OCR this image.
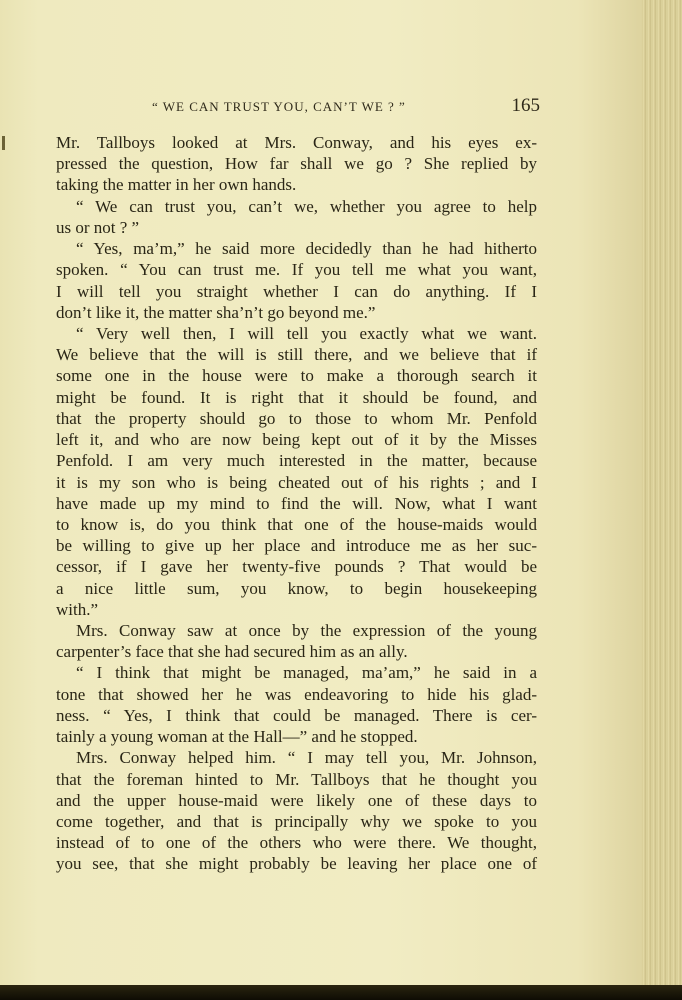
“ WE CAN TRUST YOU, CAN’T WE ? ”	165
Mr. Tallboys looked at Mrs. Conway, and his eyes ex-
pressed the question, How far shall we go ? She replied by
taking the matter in her own hands.
“ We can trust you, can’t we, whether you agree to help
us or not ? ”
“ Yes, ma’m,” he said more decidedly than he had hitherto
spoken. “ You can trust me. If you tell me what you want,
I will tell you straight whether I can do anything. If I
don’t like it, the matter sha’n’t go beyond me.”
“ Very well then, I will tell you exactly what we want.
We believe that the will is still there, and we believe that if
some one in the house were to make a thorough search it
might be found. It is right that it should be found, and
that the property should go to those to whom Mr. Penfold
left it, and who are now being kept out of it by the Misses
Penfold. I am very much interested in the matter, because
it is my son who is being cheated out of his rights ; and I
have made up my mind to find the will. Now, what I want
to know is, do you think that one of the house-maids would
be willing to give up her place and introduce me as her suc-
cessor, if I gave her twenty-five pounds ? That would be
a nice little sum, you know, to begin housekeeping
with.”
Mrs. Conway saw at once by the expression of the young
carpenter’s face that she had secured him as an ally.
“ I think that might be managed, ma’am,” he said in a
tone that showed her he was endeavoring to hide his glad-
ness. “ Yes, I think that could be managed. There is cer-
tainly a young woman at the Hall—” and he stopped.
Mrs. Conway helped him. “ I may tell you, Mr. Johnson,
that the foreman hinted to Mr. Tallboys that he thought you
and the upper house-maid were likely one of these days to
come together, and that is principally why we spoke to you
instead of to one of the others who were there. We thought,
you see, that she might probably be leaving her place one of
